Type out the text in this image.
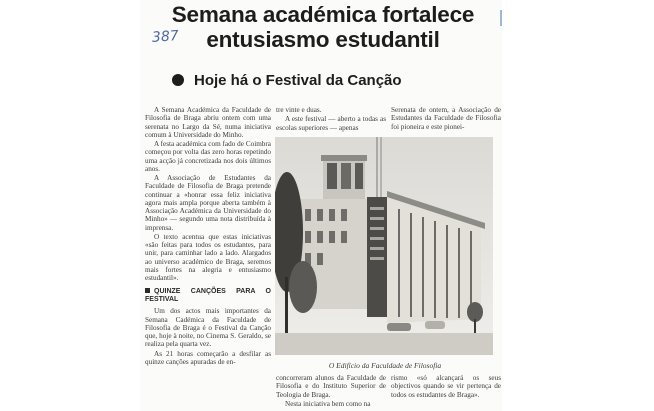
Semana académica fortalece
entusiasmo estudantil
387
Hoje há o Festival da Canção

A Semana Académica da Faculdade de Filosofia de Braga abriu ontem com uma serenata no Largo da Sé, numa iniciativa comum à Universidade do Minho.

A festa académica com fado de Coimbra começou por volta das zero horas repetindo uma acção já concretizada nos dois últimos anos.

A Associação de Estudantes da Faculdade de Filosofia de Braga pretende continuar a «honrar essa feliz iniciativa agora mais ampla porque aberta também à Associação Académica da Universidade do Minho» — segundo uma nota distribuída à imprensa.

O texto acentua que estas iniciativas «são feitas para todos os estudantes, para unir, para caminhar lado a lado. Alargados ao universo académico de Braga, seremos mais fortes na alegria e entusiasmo estudantil».

QUINZE CANÇÕES PARA O FESTIVAL

Um dos actos mais importantes da Semana Cadémica da Faculdade de Filosofia de Braga é o Festival da Canção que, hoje à noite, no Cinema S. Geraldo, se realiza pela quarta vez.

As 21 horas começarão a desfilar as quinze canções apuradas de en-

tre vinte e duas.

A este festival — aberto a todas as escolas superiores — apenas

Serenata de ontem, a Associação de Estudantes da Faculdade de Filosofia foi pioneira e este pionei-

O Edifício da Faculdade de Filosofia

concorreram alunos da Faculdade de Filosofia e do Instituto Superior de Teologia de Braga.

Nesta iniciativa bem como na

rismo «só alcançará os seus objectivos quando se vir pertença de todos os estudantes de Braga».
